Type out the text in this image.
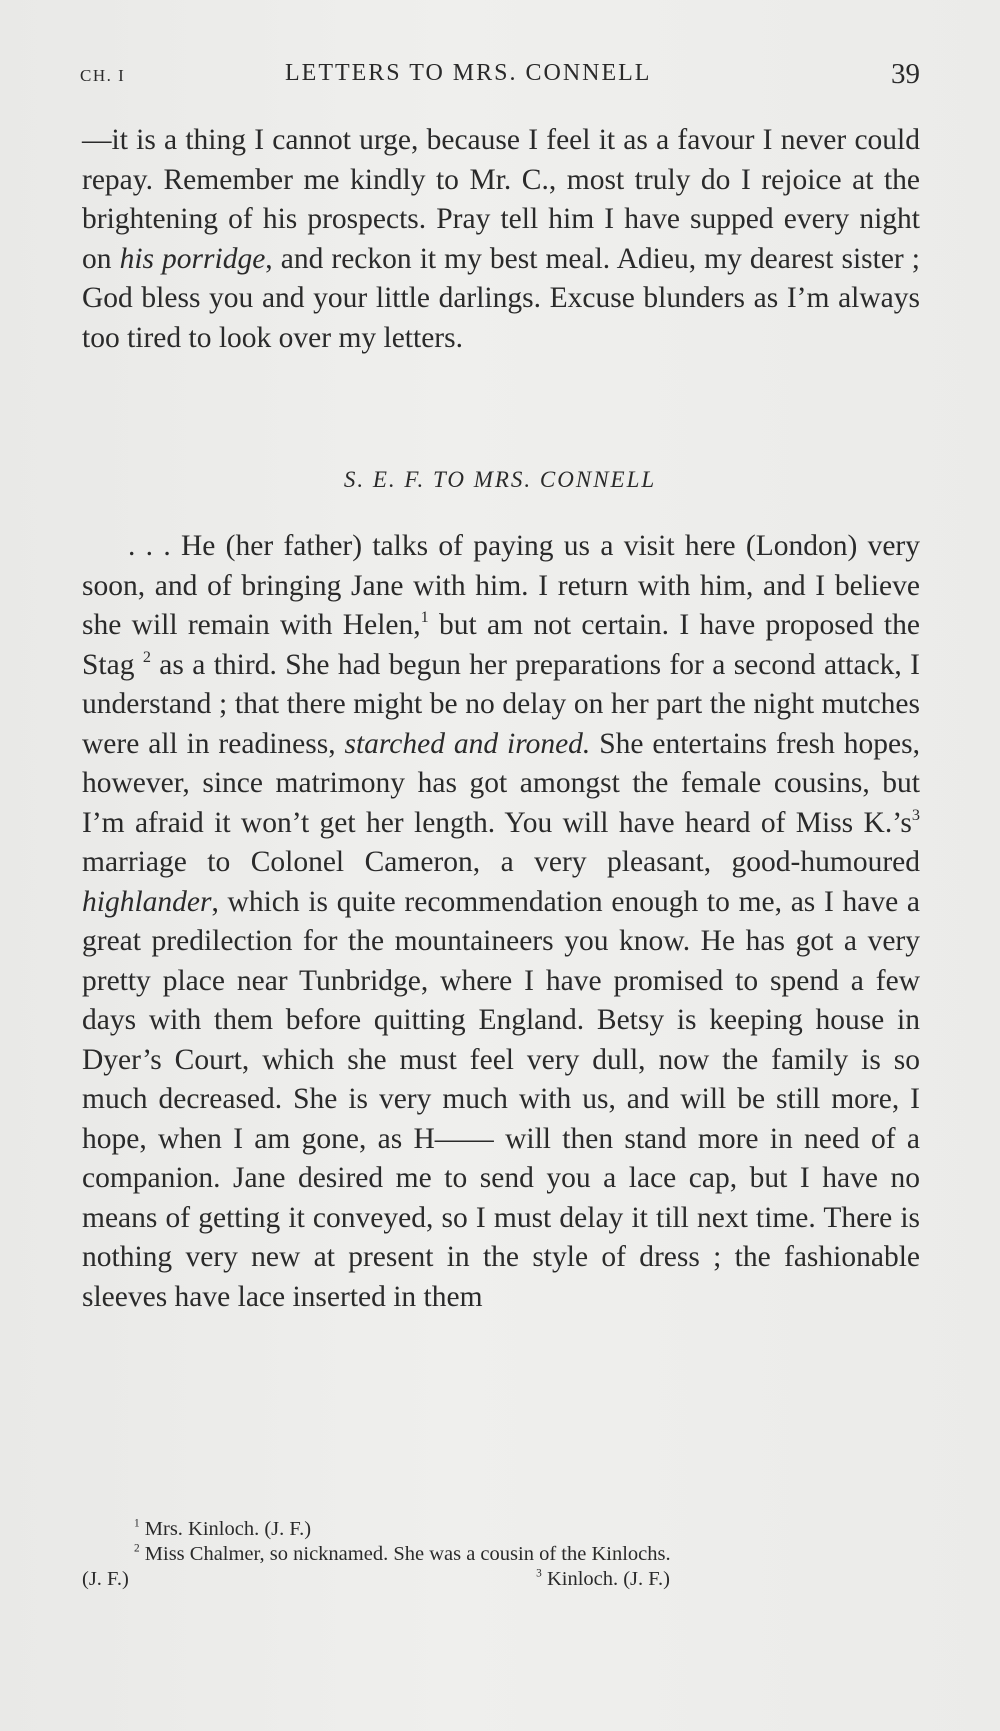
CH. I	LETTERS TO MRS. CONNELL	39

—it is a thing I cannot urge, because I feel it as a favour I never could repay. Remember me kindly to Mr. C., most truly do I rejoice at the brightening of his prospects. Pray tell him I have supped every night on his porridge, and reckon it my best meal. Adieu, my dearest sister ; God bless you and your little darlings. Excuse blunders as I’m always too tired to look over my letters.

S. E. F. TO MRS. CONNELL

. . . He (her father) talks of paying us a visit here (London) very soon, and of bringing Jane with him. I return with him, and I believe she will remain with Helen,$^1$ but am not certain. I have proposed the Stag $^2$ as a third. She had begun her preparations for a second attack, I understand ; that there might be no delay on her part the night mutches were all in readiness, starched and ironed. She entertains fresh hopes, however, since matrimony has got amongst the female cousins, but I’m afraid it won’t get her length. You will have heard of Miss $K.’s^3$ marriage to Colonel Cameron, a very pleasant, good-humoured highlander, which is quite recommendation enough to me, as I have a great predilection for the mountaineers you know. He has got a very pretty place near Tunbridge, where I have promised to spend a few days with them before quitting England. Betsy is keeping house in Dyer’s Court, which she must feel very dull, now the family is so much decreased. She is very much with us, and will be still more, I hope, when I am gone, as H—— will then stand more in need of a companion. Jane desired me to send you a lace cap, but I have no means of getting it conveyed, so I must delay it till next time. There is nothing very new at present in the style of dress ; the fashionable sleeves have lace inserted in them

$^1$ Mrs. Kinloch. (J. F.)
$^2$ Miss Chalmer, so nicknamed. She was a cousin of the Kinlochs.
(J. F.)	$^3$ Kinloch. (J. F.)
